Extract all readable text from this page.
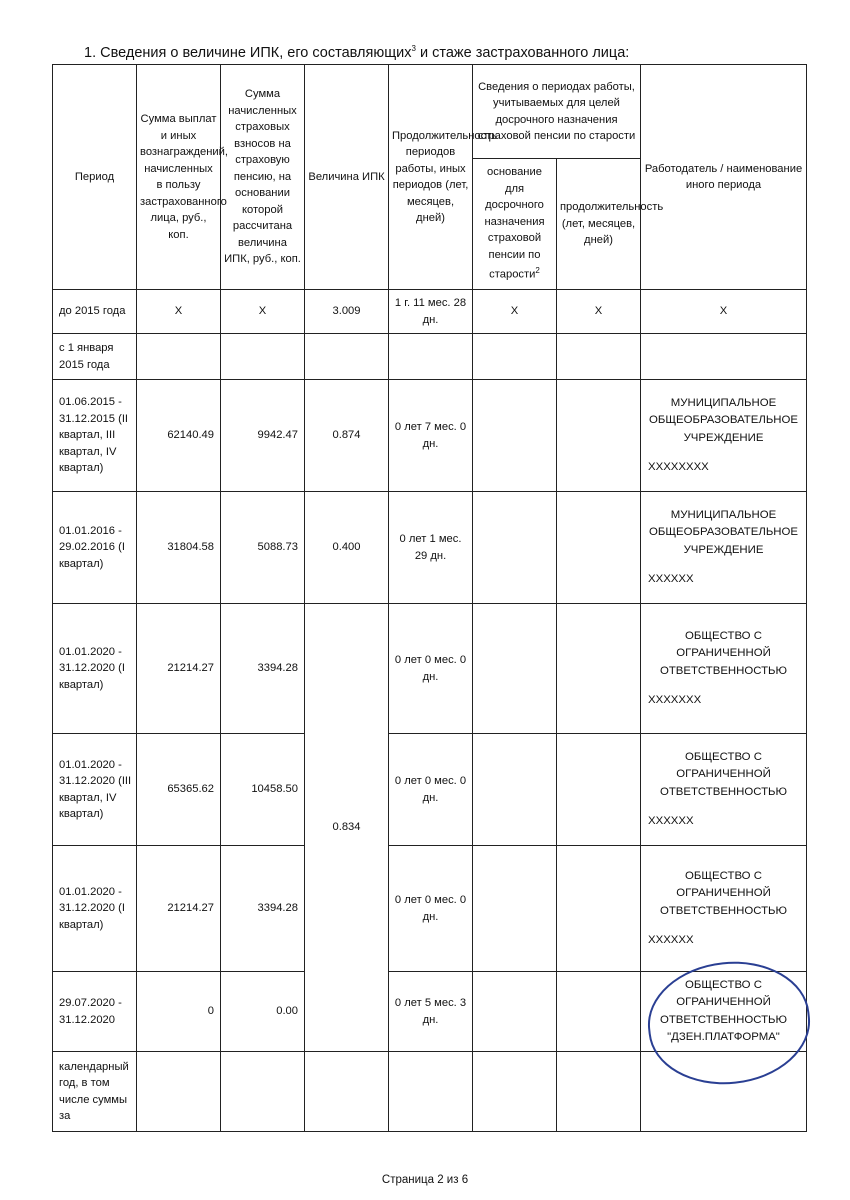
1. Сведения о величине ИПК, его составляющих$^3$ и стаже застрахованного лица:
Период	Сумма выплат и иных вознаграждений, начисленных в пользу застрахованного лица, руб., коп.	Сумма начисленных страховых взносов на страховую пенсию, на основании которой рассчитана величина ИПК, руб., коп.	Величина ИПК	Продолжительность периодов работы, иных периодов (лет, месяцев, дней)	Сведения о периодах работы, учитываемых для целей досрочного назначения страховой пенсии по старости		Работодатель / наименование иного периода
					основание для досрочного назначения страховой пенсии по старости$^2$	продолжительность (лет, месяцев, дней)	
до 2015 года	X	X	3.009	1 г. 11 мес. 28 дн.	X	X	X
с 1 января 2015 года							
01.06.2015 - 31.12.2015 (II квартал, III квартал, IV квартал)	62140.49	9942.47	0.874	0 лет 7 мес. 0 дн.			МУНИЦИПАЛЬНОЕ ОБЩЕОБРАЗОВАТЕЛЬНОЕ УЧРЕЖДЕНИЕ
XXXXXXXX

01.01.2016 - 29.02.2016 (I квартал)	31804.58	5088.73	0.400	0 лет 1 мес. 29 дн.			МУНИЦИПАЛЬНОЕ ОБЩЕОБРАЗОВАТЕЛЬНОЕ УЧРЕЖДЕНИЕ
XXXXXX

01.01.2020 - 31.12.2020 (I квартал)	21214.27	3394.28	0.834	0 лет 0 мес. 0 дн.			ОБЩЕСТВО С ОГРАНИЧЕННОЙ ОТВЕТСТВЕННОСТЬЮ
XXXXXXX

01.01.2020 - 31.12.2020 (III квартал, IV квартал)	65365.62	10458.50		0 лет 0 мес. 0 дн.			ОБЩЕСТВО С ОГРАНИЧЕННОЙ ОТВЕТСТВЕННОСТЬЮ
XXXXXX

01.01.2020 - 31.12.2020 (I квартал)	21214.27	3394.28		0 лет 0 мес. 0 дн.			ОБЩЕСТВО С ОГРАНИЧЕННОЙ ОТВЕТСТВЕННОСТЬЮ
XXXXXX

29.07.2020 - 31.12.2020	0	0.00		0 лет 5 мес. 3 дн.			ОБЩЕСТВО С ОГРАНИЧЕННОЙ ОТВЕТСТВЕННОСТЬЮ "ДЗЕН.ПЛАТФОРМА"
календарный год, в том числе суммы за							
Страница 2 из 6
